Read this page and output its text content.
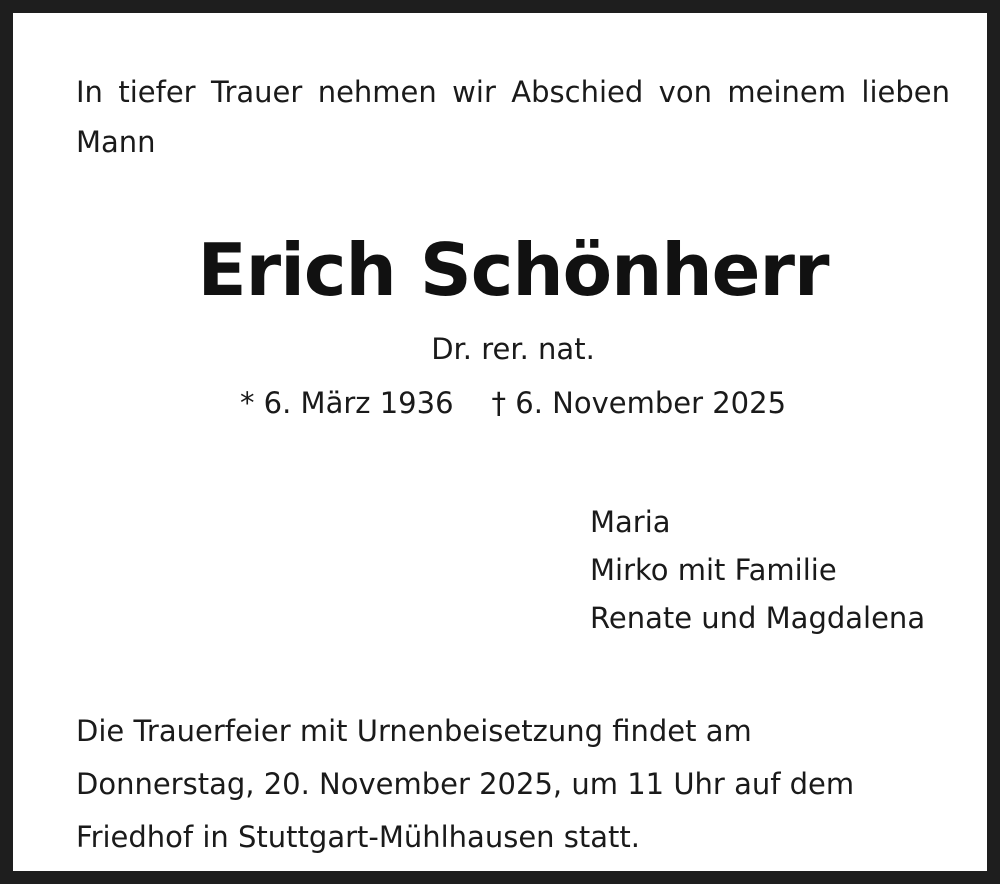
In tiefer Trauer nehmen wir Abschied von meinem lieben Mann

Erich Schönherr
Dr. rer. nat.
* 6. März 1936 † 6. November 2025
Maria
Mirko mit Familie
Renate und Magdalena

Die Trauerfeier mit Urnenbeisetzung findet am
Donnerstag, 20. November 2025, um 11 Uhr auf dem
Friedhof in Stuttgart-Mühlhausen statt.
